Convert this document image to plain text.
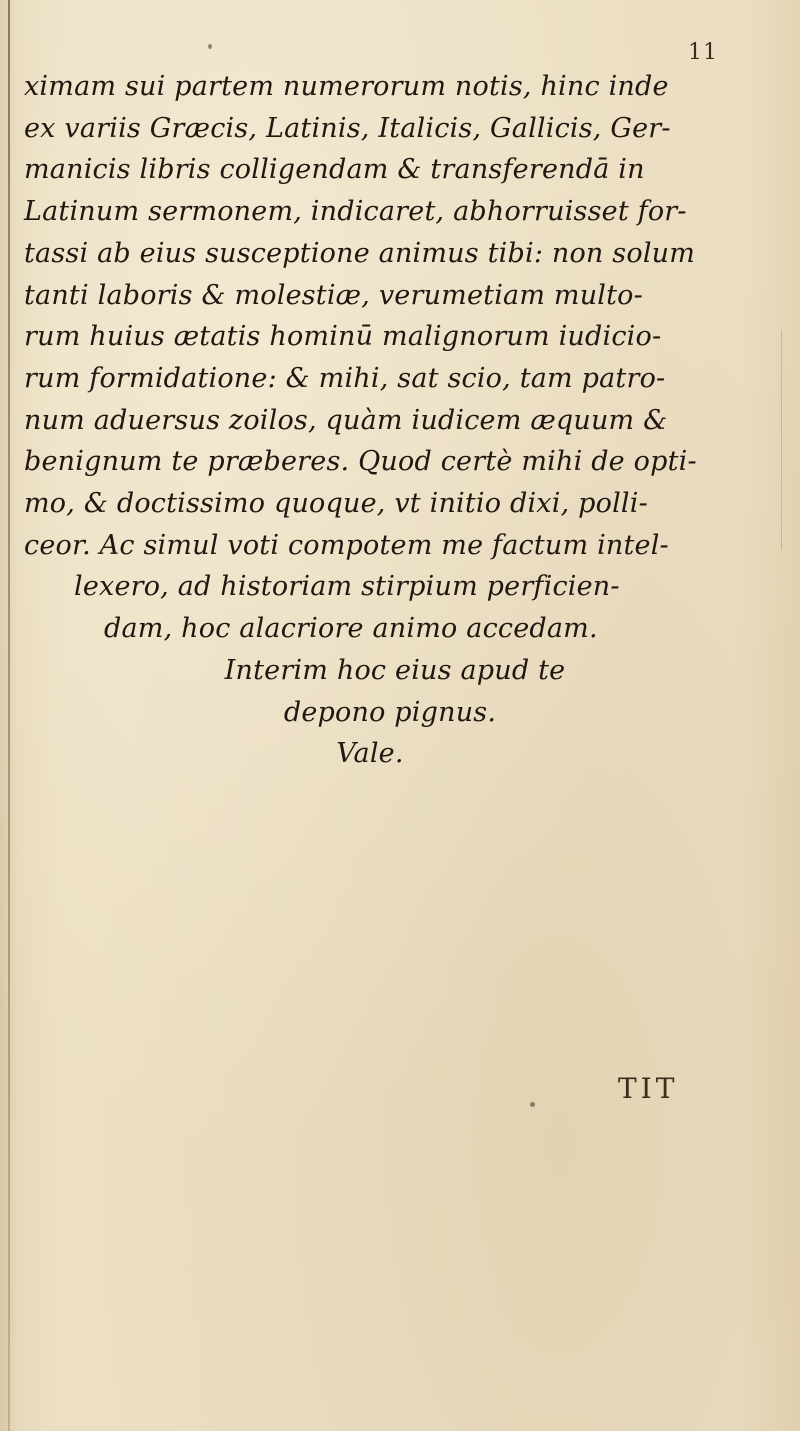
11
ximam sui partem numerorum notis, hinc inde
ex variis Græcis, Latinis, Italicis, Gallicis, Ger-
manicis libris colligendam & transferendā in
Latinum sermonem, indicaret, abhorruisset for-
tassi ab eius susceptione animus tibi: non solum
tanti laboris & molestiæ, verumetiam multo-
rum huius ætatis hominū malignorum iudicio-
rum formidatione: & mihi, sat scio, tam patro-
num aduersus zoilos, quàm iudicem æquum &
benignum te præberes. Quod certè mihi de opti-
mo, & doctissimo quoque, vt initio dixi, polli-
ceor. Ac simul voti compotem me factum intel-
lexero, ad historiam stirpium perficien-
dam, hoc alacriore animo accedam.
Interim hoc eius apud te
depono pignus.
Vale.
TIT
